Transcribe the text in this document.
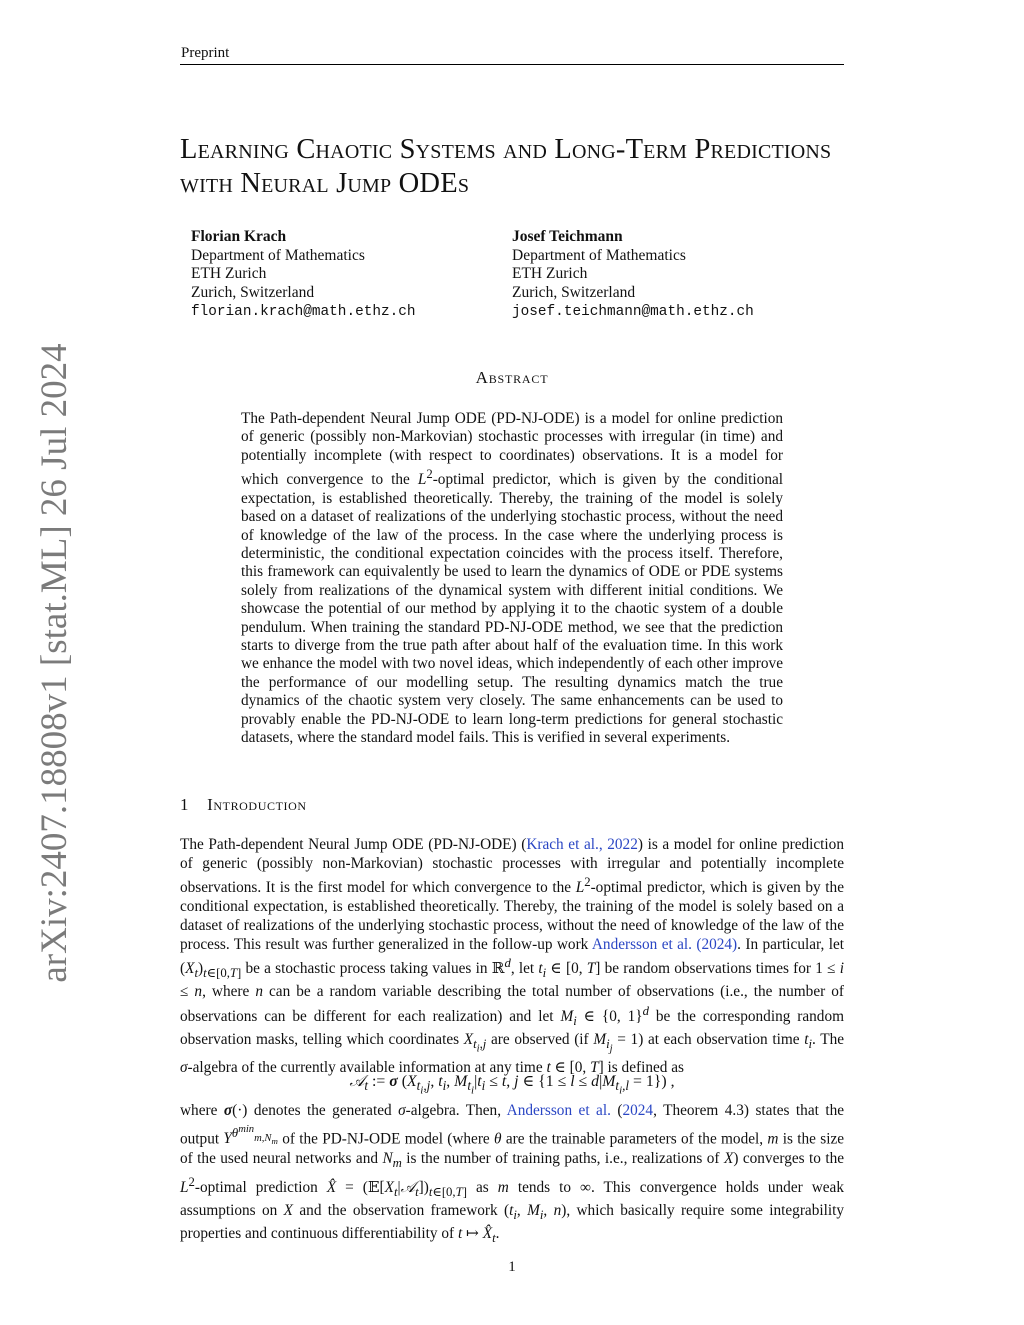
Preprint
Learning Chaotic Systems and Long-Term Predictions with Neural Jump ODEs
Florian Krach
Department of Mathematics
ETH Zurich
Zurich, Switzerland
florian.krach@math.ethz.ch
Josef Teichmann
Department of Mathematics
ETH Zurich
Zurich, Switzerland
josef.teichmann@math.ethz.ch
arXiv:2407.18808v1 [stat.ML] 26 Jul 2024	Abstract

The Path-dependent Neural Jump ODE (PD-NJ-ODE) is a model for online prediction of generic (possibly non-Markovian) stochastic processes with irregular (in time) and potentially incomplete (with respect to coordinates) observations. It is a model for which convergence to the $L^2$-optimal predictor, which is given by the conditional expectation, is established theoretically. Thereby, the training of the model is solely based on a dataset of realizations of the underlying stochastic process, without the need of knowledge of the law of the process. In the case where the underlying process is deterministic, the conditional expectation coincides with the process itself. Therefore, this framework can equivalently be used to learn the dynamics of ODE or PDE systems solely from realizations of the dynamical system with different initial conditions. We showcase the potential of our method by applying it to the chaotic system of a double pendulum. When training the standard PD-NJ-ODE method, we see that the prediction starts to diverge from the true path after about half of the evaluation time. In this work we enhance the model with two novel ideas, which independently of each other improve the performance of our modelling setup. The resulting dynamics match the true dynamics of the chaotic system very closely. The same enhancements can be used to provably enable the PD-NJ-ODE to learn long-term predictions for general stochastic datasets, where the standard model fails. This is verified in several experiments.

1 Introduction

The Path-dependent Neural Jump ODE (PD-NJ-ODE) (Krach et al., 2022) is a model for online prediction of generic (possibly non-Markovian) stochastic processes with irregular and potentially incomplete observations. It is the first model for which convergence to the $L^2$-optimal predictor, which is given by the conditional expectation, is established theoretically. Thereby, the training of the model is solely based on a dataset of realizations of the underlying stochastic process, without the need of knowledge of the law of the process. This result was further generalized in the follow-up work Andersson et al. (2024). In particular, let $(X_t)_{t\in[0,T]}$ be a stochastic process taking values in ℝ$^d$, let $t_i$ ∈ [0, T] be random observations times for 1 ≤ i ≤ n, where n can be a random variable describing the total number of observations (i.e., the number of observations can be different for each realization) and let $M_i$ ∈ {0, 1}$^d$ be the corresponding random observation masks, telling which coordinates $X_{t_i,j}$ are observed (if $M_{i_j} = 1$) at each observation time $t_i$. The σ-algebra of the currently available information at any time t ∈ [0, T] is defined as

𝒜$_t$ := σ ($X_{t_i,j}$, $t_i$, $M_{t_i}|t_i \le t$, j ∈ $\{1 \le l \le d|M_{t_i,l} = 1\}$) ,

where σ(·) denotes the generated σ-algebra. Then, Andersson et al. (2024, Theorem 4.3) states that the output $Y^{\theta^{min}_{m,N_m}}$ of the PD-NJ-ODE model (where θ are the trainable parameters of the model, m is the size of the used neural networks and $N_m$ is the number of training paths, i.e., realizations of X) converges to the $L^2$-optimal prediction X̂ = $(𝔼[X_t|𝒜_t])_{t\in[0,T]}$ as m tends to ∞. This convergence holds under weak assumptions on X and the observation framework ($t_i$, $M_i$, n), which basically require some integrability properties and continuous differentiability of t ↦ $X̂_t$.

1
